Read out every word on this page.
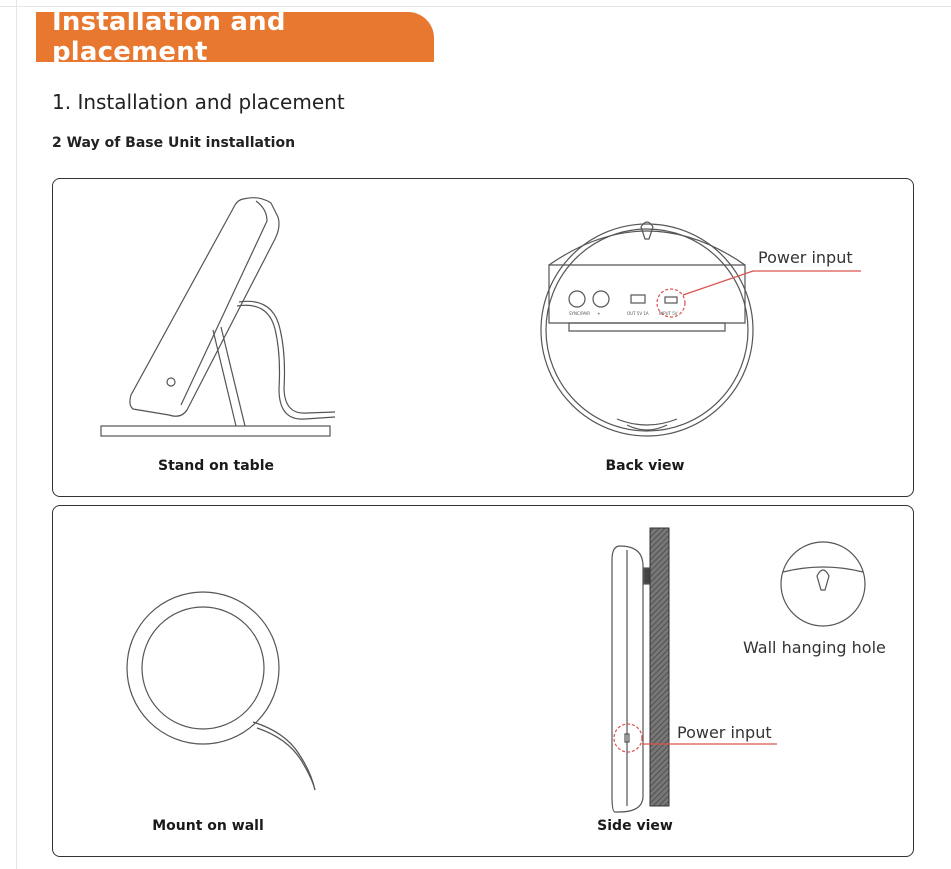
Installation and placement
1. Installation and placement
2 Way of Base Unit installation
SYNC/PAIR ☀	OUT 5V 1A	INPUT 5V
Power input
Stand on table	Back view
Power input
Wall hanging hole
Mount on wall	Side view
